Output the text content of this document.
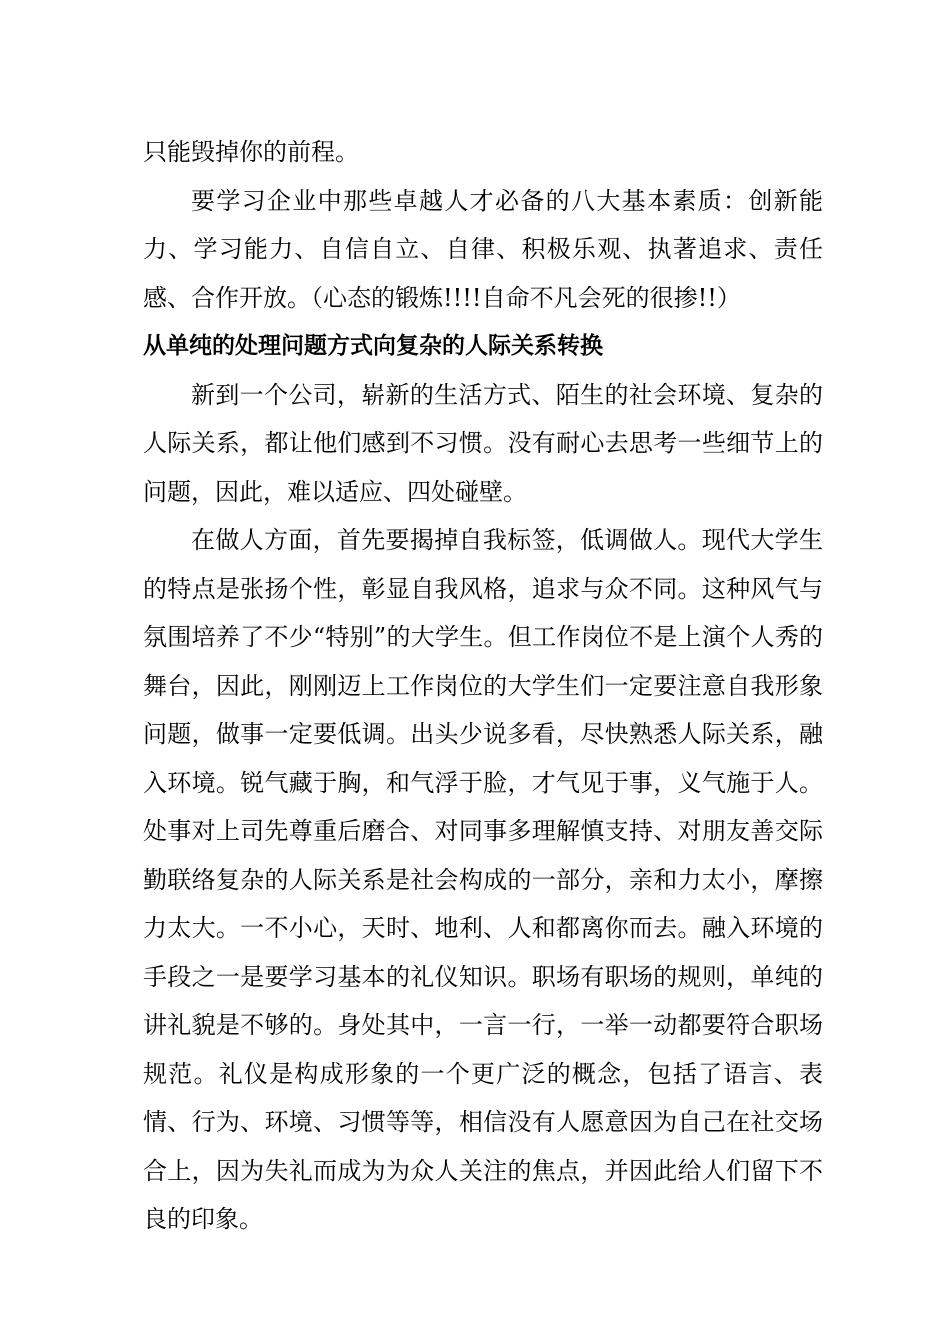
只能毁掉你的前程。

要学习企业中那些卓越人才必备的八大基本素质：创新能力、学习能力、自信自立、自律、积极乐观、执著追求、责任感、合作开放。（心态的锻炼!!!!自命不凡会死的很掺!!）

从单纯的处理问题方式向复杂的人际关系转换

新到一个公司，崭新的生活方式、陌生的社会环境、复杂的人际关系，都让他们感到不习惯。没有耐心去思考一些细节上的问题，因此，难以适应、四处碰壁。

在做人方面，首先要揭掉自我标签，低调做人。现代大学生的特点是张扬个性，彰显自我风格，追求与众不同。这种风气与氛围培养了不少“特别”的大学生。但工作岗位不是上演个人秀的舞台，因此，刚刚迈上工作岗位的大学生们一定要注意自我形象问题，做事一定要低调。出头少说多看，尽快熟悉人际关系，融入环境。锐气藏于胸，和气浮于脸，才气见于事，义气施于人。处事对上司先尊重后磨合、对同事多理解慎支持、对朋友善交际勤联络复杂的人际关系是社会构成的一部分，亲和力太小，摩擦力太大。一不小心，天时、地利、人和都离你而去。融入环境的手段之一是要学习基本的礼仪知识。职场有职场的规则，单纯的讲礼貌是不够的。身处其中，一言一行，一举一动都要符合职场规范。礼仪是构成形象的一个更广泛的概念，包括了语言、表情、行为、环境、习惯等等，相信没有人愿意因为自己在社交场合上，因为失礼而成为为众人关注的焦点，并因此给人们留下不良的印象。
